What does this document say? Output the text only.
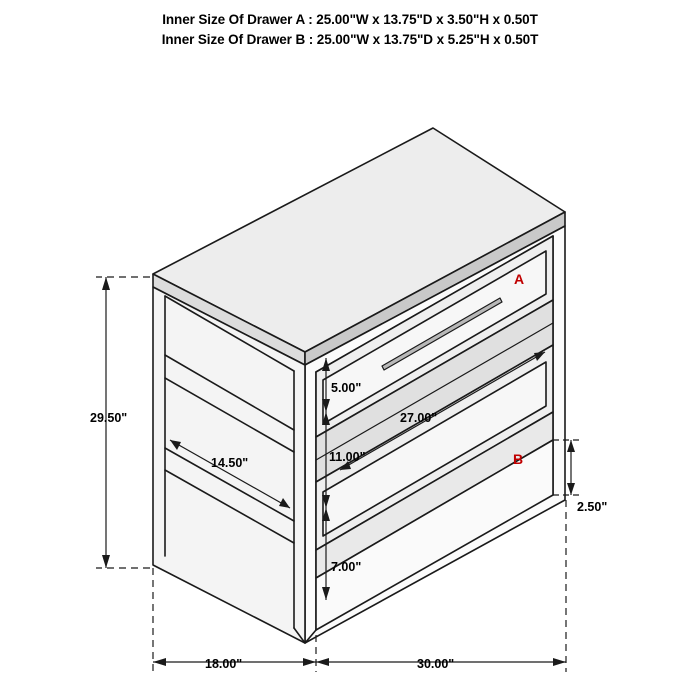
Inner Size Of Drawer A : 25.00"W x 13.75"D x 3.50"H x 0.50T
Inner Size Of Drawer B : 25.00"W x 13.75"D x 5.25"H x 0.50T
29.50"
14.50"
5.00"
11.00"
7.00"
27.00"
2.50"
18.00"	30.00"
A
B
